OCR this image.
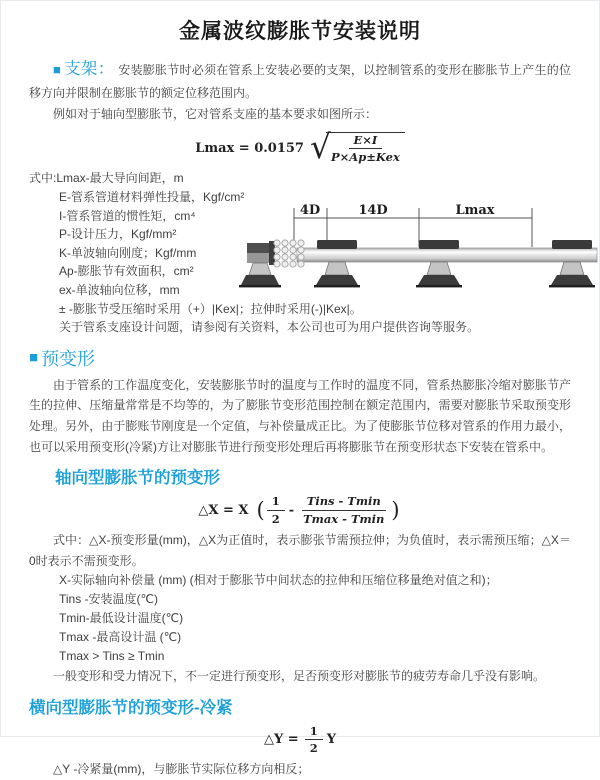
金属波纹膨胀节安装说明

■ 支架： 安装膨胀节时必须在管系上安装必要的支架，以控制管系的变形在膨胀节上产生的位移方向并限制在膨胀节的额定位移范围内。

例如对于轴向型膨胀节，它对管系支座的基本要求如图所示：

Lmax = 0.0157 √
$\frac{E\times I}{\text{P×Ap±Kex}}$

式中:Lmax-最大导向间距，m

E-管系管道材料弹性投量，Kgf/cm²

I-管系管道的惯性矩，cm⁴

P-设计压力，Kgf/mm²

K-单波轴向刚度；Kgf/mm

Ap-膨胀节有效面积，cm²

ex-单波轴向位移，mm

± -膨胀节受压缩时采用（+）|Kex|；拉伸时采用(-)|Kex|。

关于管系支座设计问题，请参阅有关资料，本公司也可为用户提供咨询等服务。

4D	14D	Lmax
■ 预变形

由于管系的工作温度变化，安装膨胀节时的温度与工作时的温度不同，管系热膨胀冷缩对膨胀节产生的拉伸、压缩量常常是不均等的，为了膨胀节变形范围控制在额定范围内，需要对膨胀节采取预变形处理。另外，由于膨账节刚度是一个定值，与补偿量成正比。为了使膨胀节位移对管系的作用力最小，也可以采用预变形(冷紧)方让对膨胀节进行预变形处理后再将膨胀节在预变形状态下安装在管系中。

轴向型膨胀节的预变形
△X = X ( $\frac{1}{2} - \frac{\text{Tins - Tmin}}{Tmax - Tmin}$ )

式中：△X-预变形量(mm)，△X为正值时，表示膨张节需预拉伸；为负值时，表示需预压缩；△X＝0时表示不需预变形。

X-实际轴向补偿量 (mm) (相对于膨胀节中间状态的拉伸和压缩位移量绝对值之和)；

Tins -安装温度(℃)

Tmin-最低设计温度(℃)

Tmax -最高设计温 (℃)

Tmax > Tins ≥ Tmin

一般变形和受力情况下，不一定进行预变形，足否预变形对膨胀节的疲劳寿命几乎没有影响。

横向型膨胀节的预变形-冷紧
△Y = $\frac{1}{2}$ Y

△Y -冷紧量(mm)，与膨胀节实际位移方向相反；
